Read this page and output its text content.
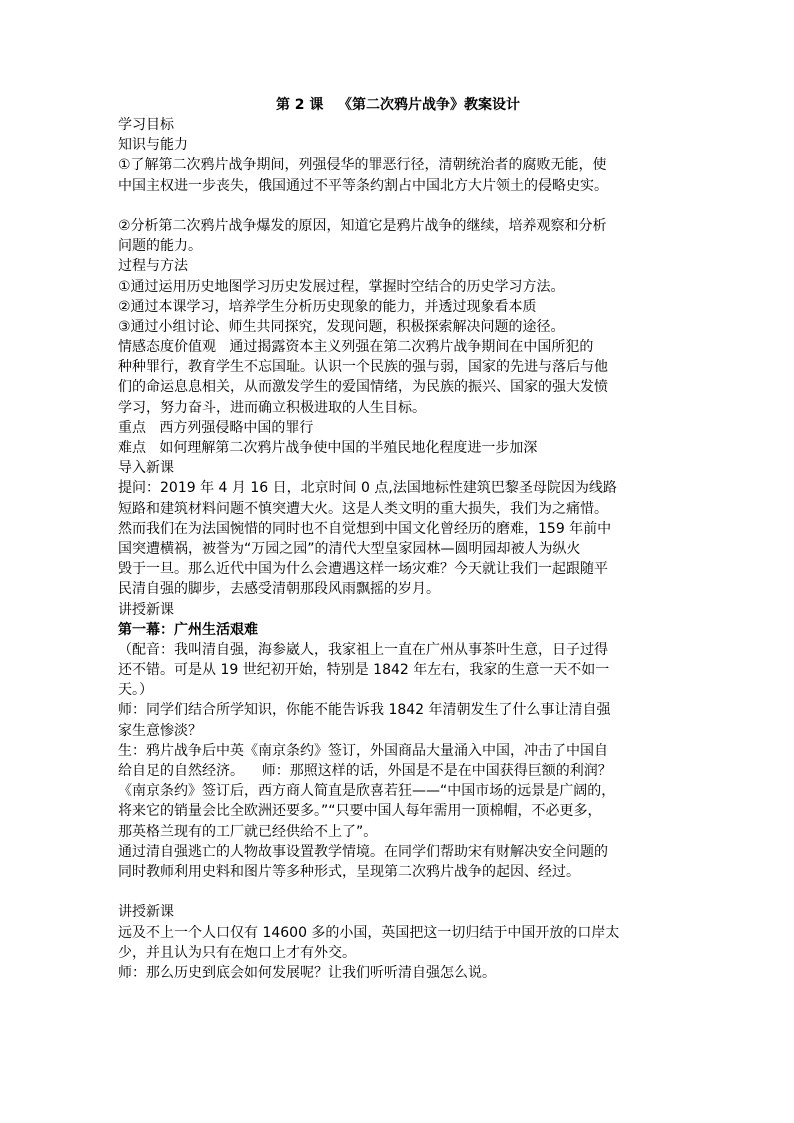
第 2 课   《第二次鸦片战争》教案设计
学习目标
知识与能力
①了解第二次鸦片战争期间，列强侵华的罪恶行径，清朝统治者的腐败无能，使
中国主权进一步丧失，俄国通过不平等条约割占中国北方大片领土的侵略史实。
②分析第二次鸦片战争爆发的原因，知道它是鸦片战争的继续，培养观察和分析
问题的能力。
过程与方法
①通过运用历史地图学习历史发展过程，掌握时空结合的历史学习方法。
②通过本课学习，培养学生分析历史现象的能力，并透过现象看本质
③通过小组讨论、师生共同探究，发现问题，积极探索解决问题的途径。
情感态度价值观   通过揭露资本主义列强在第二次鸦片战争期间在中国所犯的
种种罪行，教育学生不忘国耻。认识一个民族的强与弱，国家的先进与落后与他
们的命运息息相关，从而激发学生的爱国情绪，为民族的振兴、国家的强大发愤
学习，努力奋斗，进而确立积极进取的人生目标。
重点   西方列强侵略中国的罪行
难点   如何理解第二次鸦片战争使中国的半殖民地化程度进一步加深
导入新课
提问：2019 年 4 月 16 日，北京时间 0 点,法国地标性建筑巴黎圣母院因为线路
短路和建筑材料问题不慎突遭大火。这是人类文明的重大损失，我们为之痛惜。
然而我们在为法国惋惜的同时也不自觉想到中国文化曾经历的磨难，159 年前中
国突遭横祸，被誉为“万园之园”的清代大型皇家园林—圆明园却被人为纵火
毁于一旦。那么近代中国为什么会遭遇这样一场灾难？今天就让我们一起跟随平
民清自强的脚步，去感受清朝那段风雨飘摇的岁月。
讲授新课
第一幕：广州生活艰难
（配音：我叫清自强，海参崴人，我家祖上一直在广州从事茶叶生意，日子过得
还不错。可是从 19 世纪初开始，特别是 1842 年左右，我家的生意一天不如一
天。）
师：同学们结合所学知识，你能不能告诉我 1842 年清朝发生了什么事让清自强
家生意惨淡？
生：鸦片战争后中英《南京条约》签订，外国商品大量涌入中国，冲击了中国自
给自足的自然经济。    师：那照这样的话，外国是不是在中国获得巨额的利润？
《南京条约》签订后，西方商人简直是欣喜若狂——“中国市场的远景是广阔的，
将来它的销量会比全欧洲还要多。”“只要中国人每年需用一顶棉帽，不必更多，
那英格兰现有的工厂就已经供给不上了”。
通过清自强逃亡的人物故事设置教学情境。在同学们帮助宋有财解决安全问题的
同时教师利用史料和图片等多种形式，呈现第二次鸦片战争的起因、经过。
讲授新课
远及不上一个人口仅有 14600 多的小国，英国把这一切归结于中国开放的口岸太
少，并且认为只有在炮口上才有外交。
师：那么历史到底会如何发展呢？让我们听听清自强怎么说。
